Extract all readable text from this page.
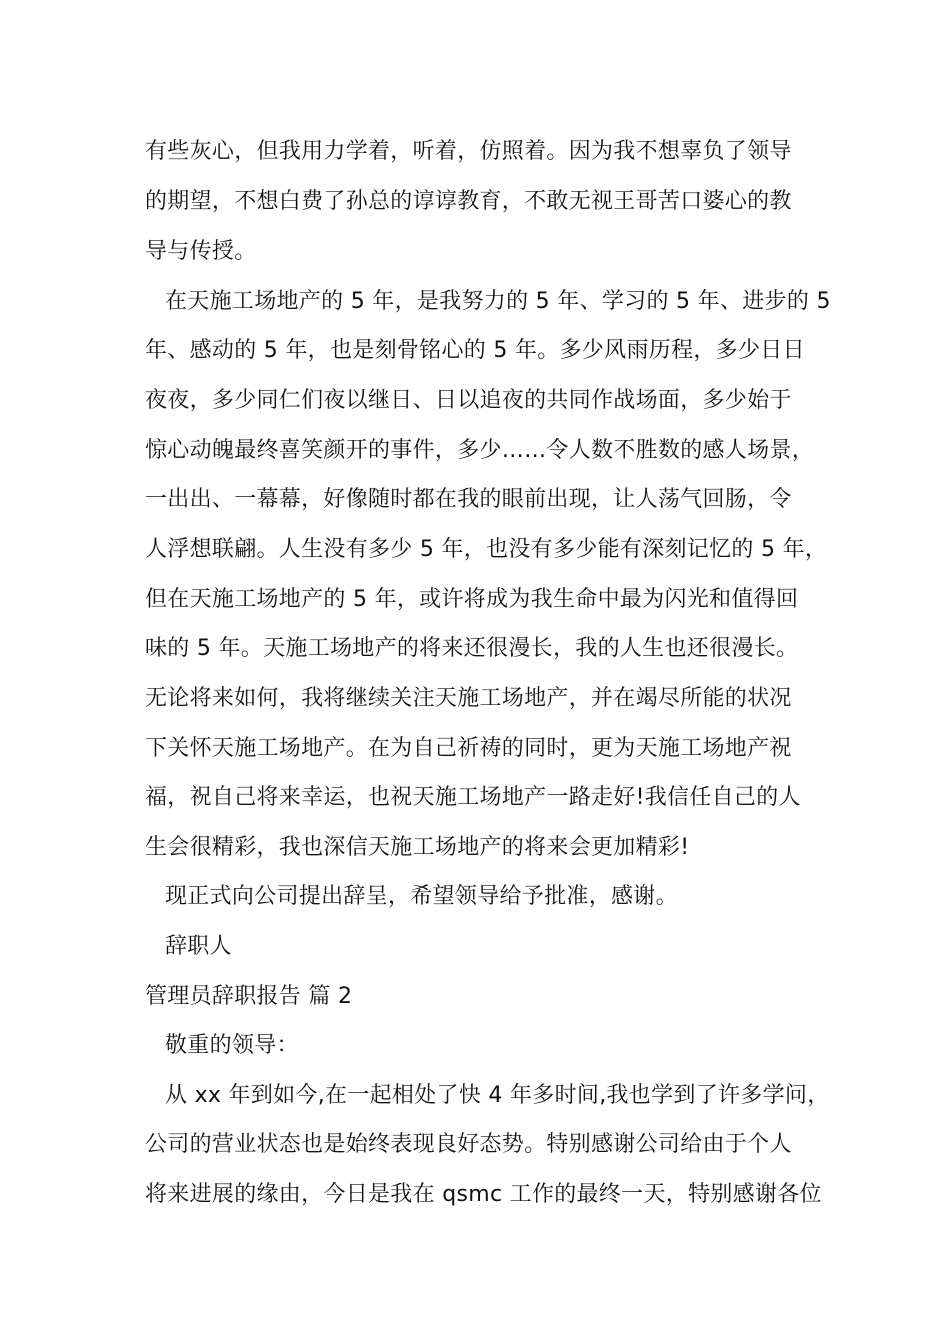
有些灰心，但我用力学着，听着，仿照着。因为我不想辜负了领导
的期望，不想白费了孙总的谆谆教育，不敢无视王哥苦口婆心的教
导与传授。
在天施工场地产的 5 年，是我努力的 5 年、学习的 5 年、进步的 5
年、感动的 5 年，也是刻骨铭心的 5 年。多少风雨历程，多少日日
夜夜，多少同仁们夜以继日、日以追夜的共同作战场面，多少始于
惊心动魄最终喜笑颜开的事件，多少……令人数不胜数的感人场景，
一出出、一幕幕，好像随时都在我的眼前出现，让人荡气回肠，令
人浮想联翩。人生没有多少 5 年，也没有多少能有深刻记忆的 5 年，
但在天施工场地产的 5 年，或许将成为我生命中最为闪光和值得回
味的 5 年。天施工场地产的将来还很漫长，我的人生也还很漫长。
无论将来如何，我将继续关注天施工场地产，并在竭尽所能的状况
下关怀天施工场地产。在为自己祈祷的同时，更为天施工场地产祝
福，祝自己将来幸运，也祝天施工场地产一路走好!我信任自己的人
生会很精彩，我也深信天施工场地产的将来会更加精彩!
现正式向公司提出辞呈，希望领导给予批准，感谢。
辞职人
管理员辞职报告 篇 2
敬重的领导：
从 xx 年到如今,在一起相处了快 4 年多时间,我也学到了许多学问，
公司的营业状态也是始终表现良好态势。特别感谢公司给由于个人
将来进展的缘由，今日是我在 qsmc 工作的最终一天，特别感谢各位
